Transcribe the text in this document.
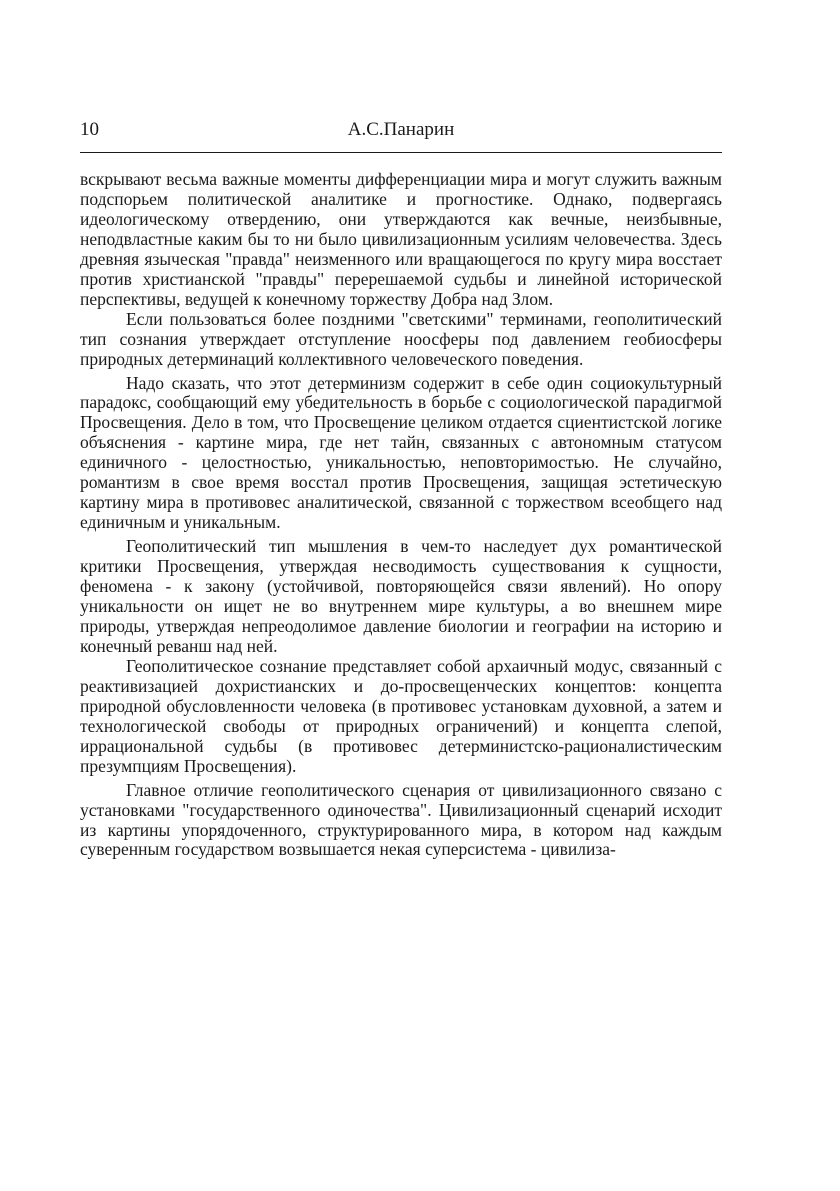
10	А.С.Панарин

вскрывают весьма важные моменты дифференциации мира и могут служить важным подспорьем политической аналитике и прогностике. Однако, подвергаясь идеологическому отвердению, они утверждаются как вечные, неизбывные, неподвластные каким бы то ни было цивилизационным усилиям человечества. Здесь древняя языческая "правда" неизменного или вращающегося по кругу мира восстает против христианской "правды" перерешаемой судьбы и линейной исторической перспективы, ведущей к конечному торжеству Добра над Злом.

Если пользоваться более поздними "светскими" терминами, геополитический тип сознания утверждает отступление ноосферы под давлением геобиосферы природных детерминаций коллективного человеческого поведения.

Надо сказать, что этот детерминизм содержит в себе один социокультурный парадокс, сообщающий ему убедительность в борьбе с социологической парадигмой Просвещения. Дело в том, что Просвещение целиком отдается сциентистской логике объяснения - картине мира, где нет тайн, связанных с автономным статусом единичного - целостностью, уникальностью, неповторимостью. Не случайно, романтизм в свое время восстал против Просвещения, защищая эстетическую картину мира в противовес аналитической, связанной с торжеством всеобщего над единичным и уникальным.

Геополитический тип мышления в чем-то наследует дух романтической критики Просвещения, утверждая несводимость существования к сущности, феномена - к закону (устойчивой, повторяющейся связи явлений). Но опору уникальности он ищет не во внутреннем мире культуры, а во внешнем мире природы, утверждая непреодолимое давление биологии и географии на историю и конечный реванш над ней.

Геополитическое сознание представляет собой архаичный модус, связанный с реактивизацией дохристианских и до-просвещенческих концептов: концепта природной обусловленности человека (в противовес установкам духовной, а затем и технологической свободы от природных ограничений) и концепта слепой, иррациональной судьбы (в противовес детерминистско-рационалистическим презумпциям Просвещения).

Главное отличие геополитического сценария от цивилизационного связано с установками "государственного одиночества". Цивилизационный сценарий исходит из картины упорядоченного, структурированного мира, в котором над каждым суверенным государством возвышается некая суперсистема - цивилиза-
